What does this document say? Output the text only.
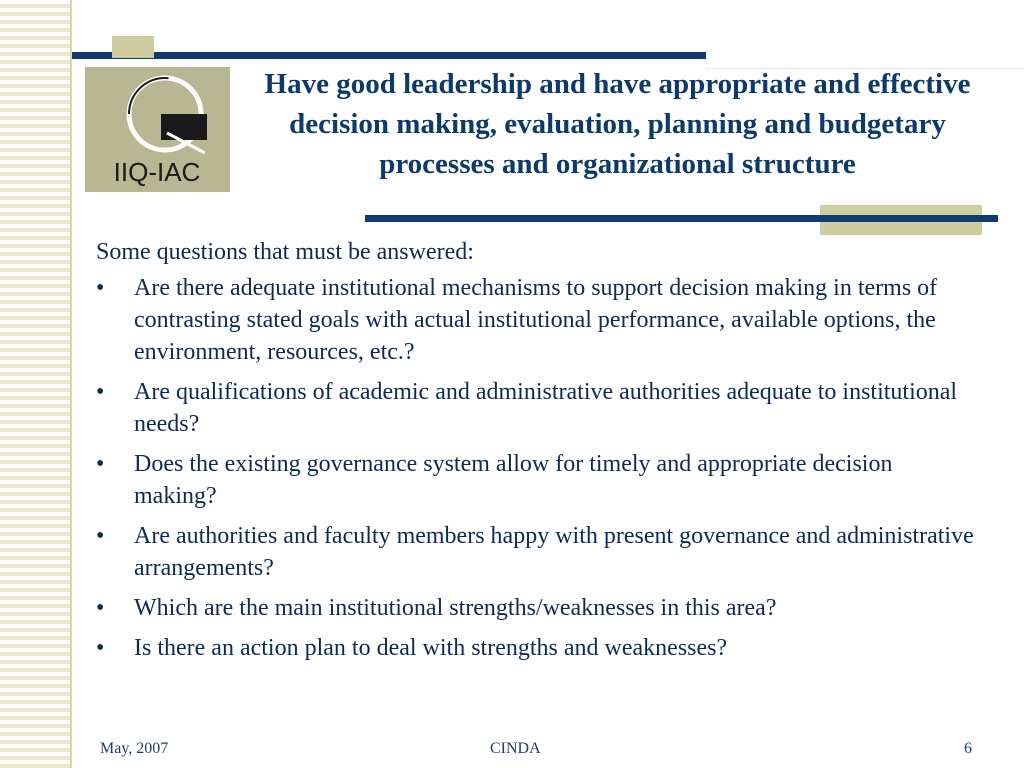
IIQ-IAC
Have good leadership and have appropriate and effective decision making, evaluation, planning and budgetary processes and organizational structure

Some questions that must be answered:

• Are there adequate institutional mechanisms to support decision making in terms of contrasting stated goals with actual institutional performance, available options, the environment, resources, etc.?
• Are qualifications of academic and administrative authorities adequate to institutional needs?
• Does the existing governance system allow for timely and appropriate decision making?
• Are authorities and faculty members happy with present governance and administrative arrangements?
• Which are the main institutional strengths/weaknesses in this area?
• Is there an action plan to deal with strengths and weaknesses?
May, 2007	CINDA	6
